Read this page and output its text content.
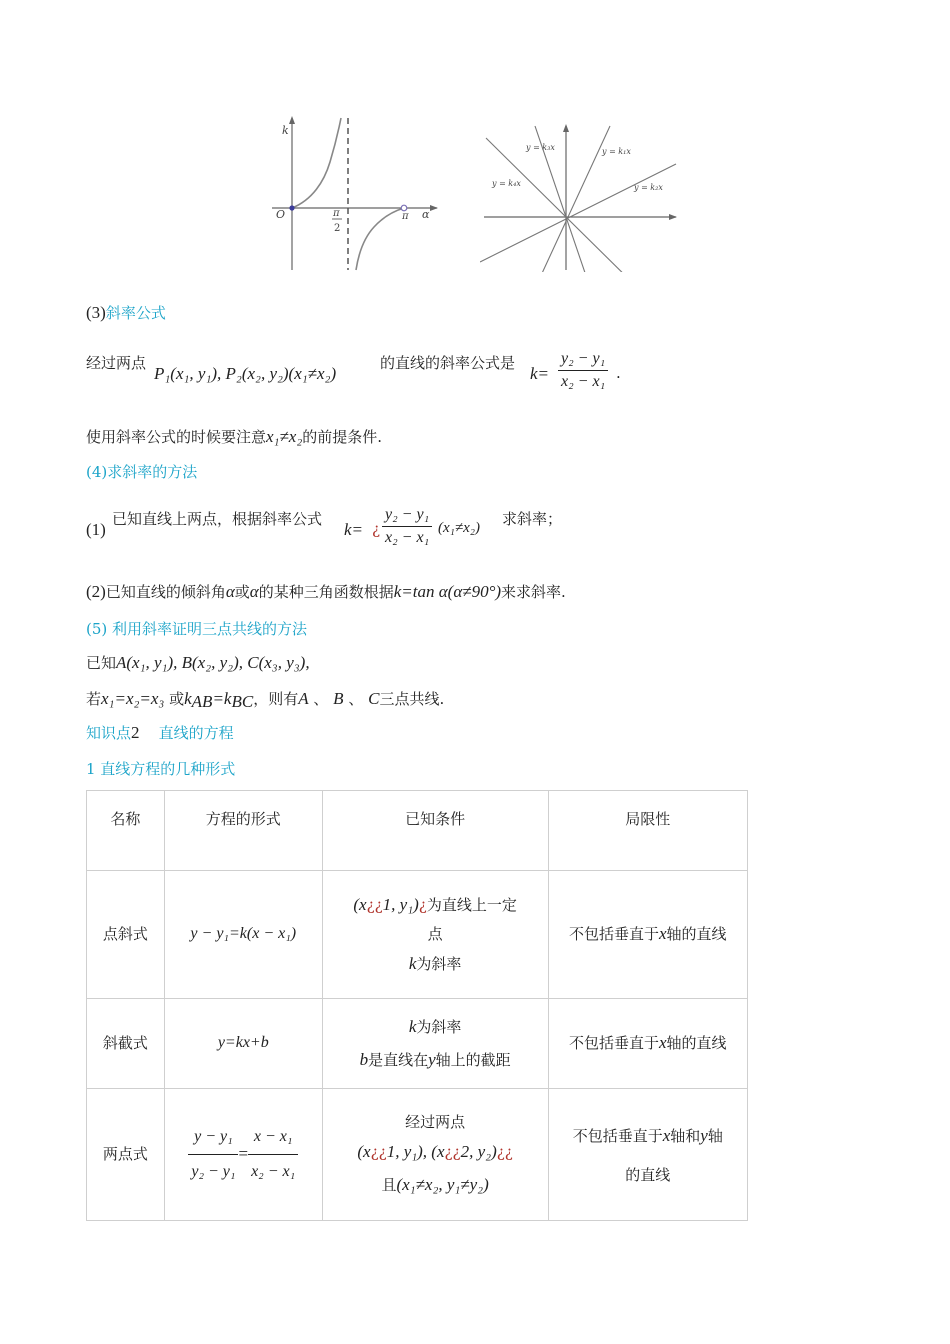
k
O	π
2
π α
y = k₃x	y = k₁x
y = k₄x	y = k₂x
(3)斜率公式
经过两点
P₁(x₁, y₁), P₂(x₂, y₂)(x₁≠x₂)
的直线的斜率公式是
$k= \frac{\text{y₂ − y₁}}{\text{x₂ − x₁}}$ .
使用斜率公式的时候要注意x₁≠x₂的前提条件.
(4)求斜率的方法
(1)
已知直线上两点，根据斜率公式
k= ¿ $\frac{\text{y₂ − y₁}}{\text{x₂ − x₁}} (x_1\ne x_2)$ 求斜率；
(2)已知直线的倾斜角α或α的某种三角函数根据k=tan α(α≠90°)来求斜率.
(5) 利用斜率证明三点共线的方法
已知A(x₁, y₁), B(x₂, y₂), C(x₃, y₃),
若x₁=x₂=x₃ 或$k_{AB}=k_{BC}$，则有A 、 B 、 C三点共线.
知识点2 直线的方程
1 直线方程的几种形式
名称	方程的形式	已知条件	局限性
点斜式	y − y₁=k(x − x₁)	(x¿¿1, y₁)¿为直线上一定
点
k为斜率	不包括垂直于x轴的直线
斜截式	y=kx+b	k为斜率
b是直线在y轴上的截距	不包括垂直于x轴的直线
两点式	$\frac{\text{y − y₁}}{\text{y₂ − y₁}} = \frac{\text{x − x₁}}{\text{x₂ − x₁}}$	经过两点
(x¿¿1, y₁), (x¿¿2, y₂)¿¿
且(x₁≠x₂, y₁≠y₂)	不包括垂直于x轴和y轴
的直线
